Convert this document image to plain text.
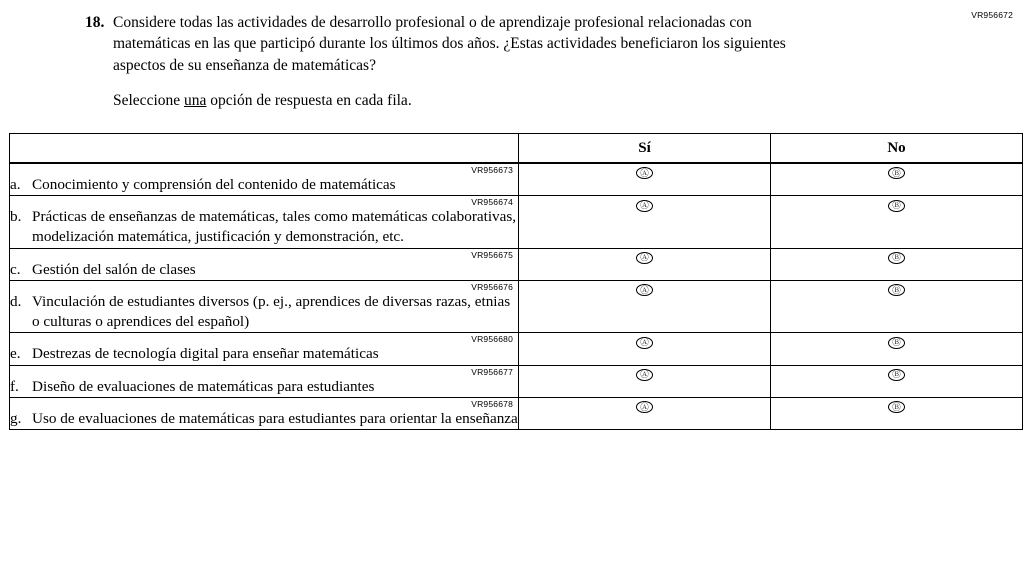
VR956672
18. Considere todas las actividades de desarrollo profesional o de aprendizaje profesional relacionadas con matemáticas en las que participó durante los últimos dos años. ¿Estas actividades beneficiaron los siguientes aspectos de su enseñanza de matemáticas?
Seleccione una opción de respuesta en cada fila.
	Sí	No

VR956673
a. Conocimiento y comprensión del contenido de matemáticas	Ⓐ	Ⓑ

VR956674
b. Prácticas de enseñanzas de matemáticas, tales como matemáticas colaborativas, modelización matemática, justificación y demonstración, etc.	Ⓐ	Ⓑ

VR956675
c. Gestión del salón de clases	Ⓐ	Ⓑ

VR956676
d. Vinculación de estudiantes diversos (p. ej., aprendices de diversas razas, etnias o culturas o aprendices del español)	Ⓐ	Ⓑ

VR956680
e. Destrezas de tecnología digital para enseñar matemáticas	Ⓐ	Ⓑ

VR956677
f. Diseño de evaluaciones de matemáticas para estudiantes	Ⓐ	Ⓑ

VR956678
g. Uso de evaluaciones de matemáticas para estudiantes para orientar la enseñanza	Ⓐ	Ⓑ
